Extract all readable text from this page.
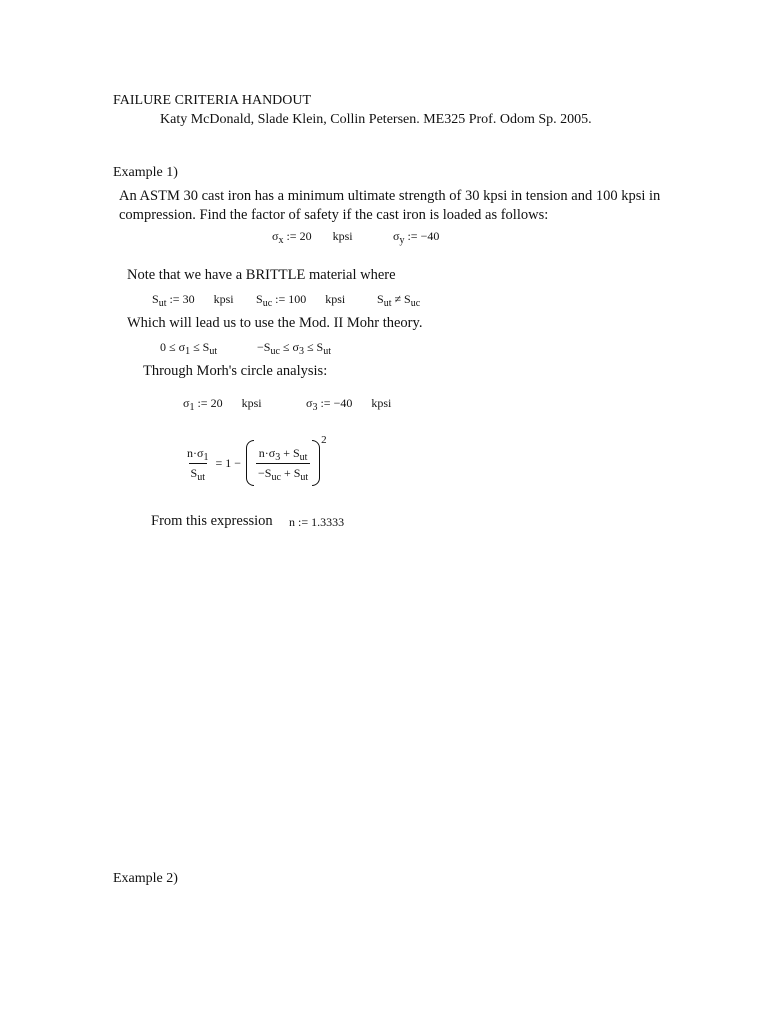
FAILURE CRITERIA HANDOUT
Katy McDonald, Slade Klein, Collin Petersen. ME325 Prof. Odom Sp. 2005.
Example 1)
An ASTM 30 cast iron has a minimum ultimate strength of 30 kpsi in tension and 100 kpsi in
compression. Find the factor of safety if the cast iron is loaded as follows:
$\sigma_x$ := 20 kpsi	$\sigma_y$ := −40
Note that we have a BRITTLE material where
$S_{ut}$ := 30 kpsi $S_{uc}$ := 100 kpsi	$S_{ut} \ne S_{uc}$
Which will lead us to use the Mod. II Mohr theory.
$0 \le \sigma_1 \le S_{ut}$	$-S_{uc} \le \sigma_3 \le S_{ut}$
Through Morh's circle analysis:
$\sigma_1$ := 20 kpsi	$\sigma_3$ := −40 kpsi
$\frac{n\cdot\sigma_1}{S_{ut}} = 1 - \frac{n\cdot\sigma_3 + S_{ut}}{-S_{uc} + S_{ut}}$
2
From this expression n := 1.3333
Example 2)
